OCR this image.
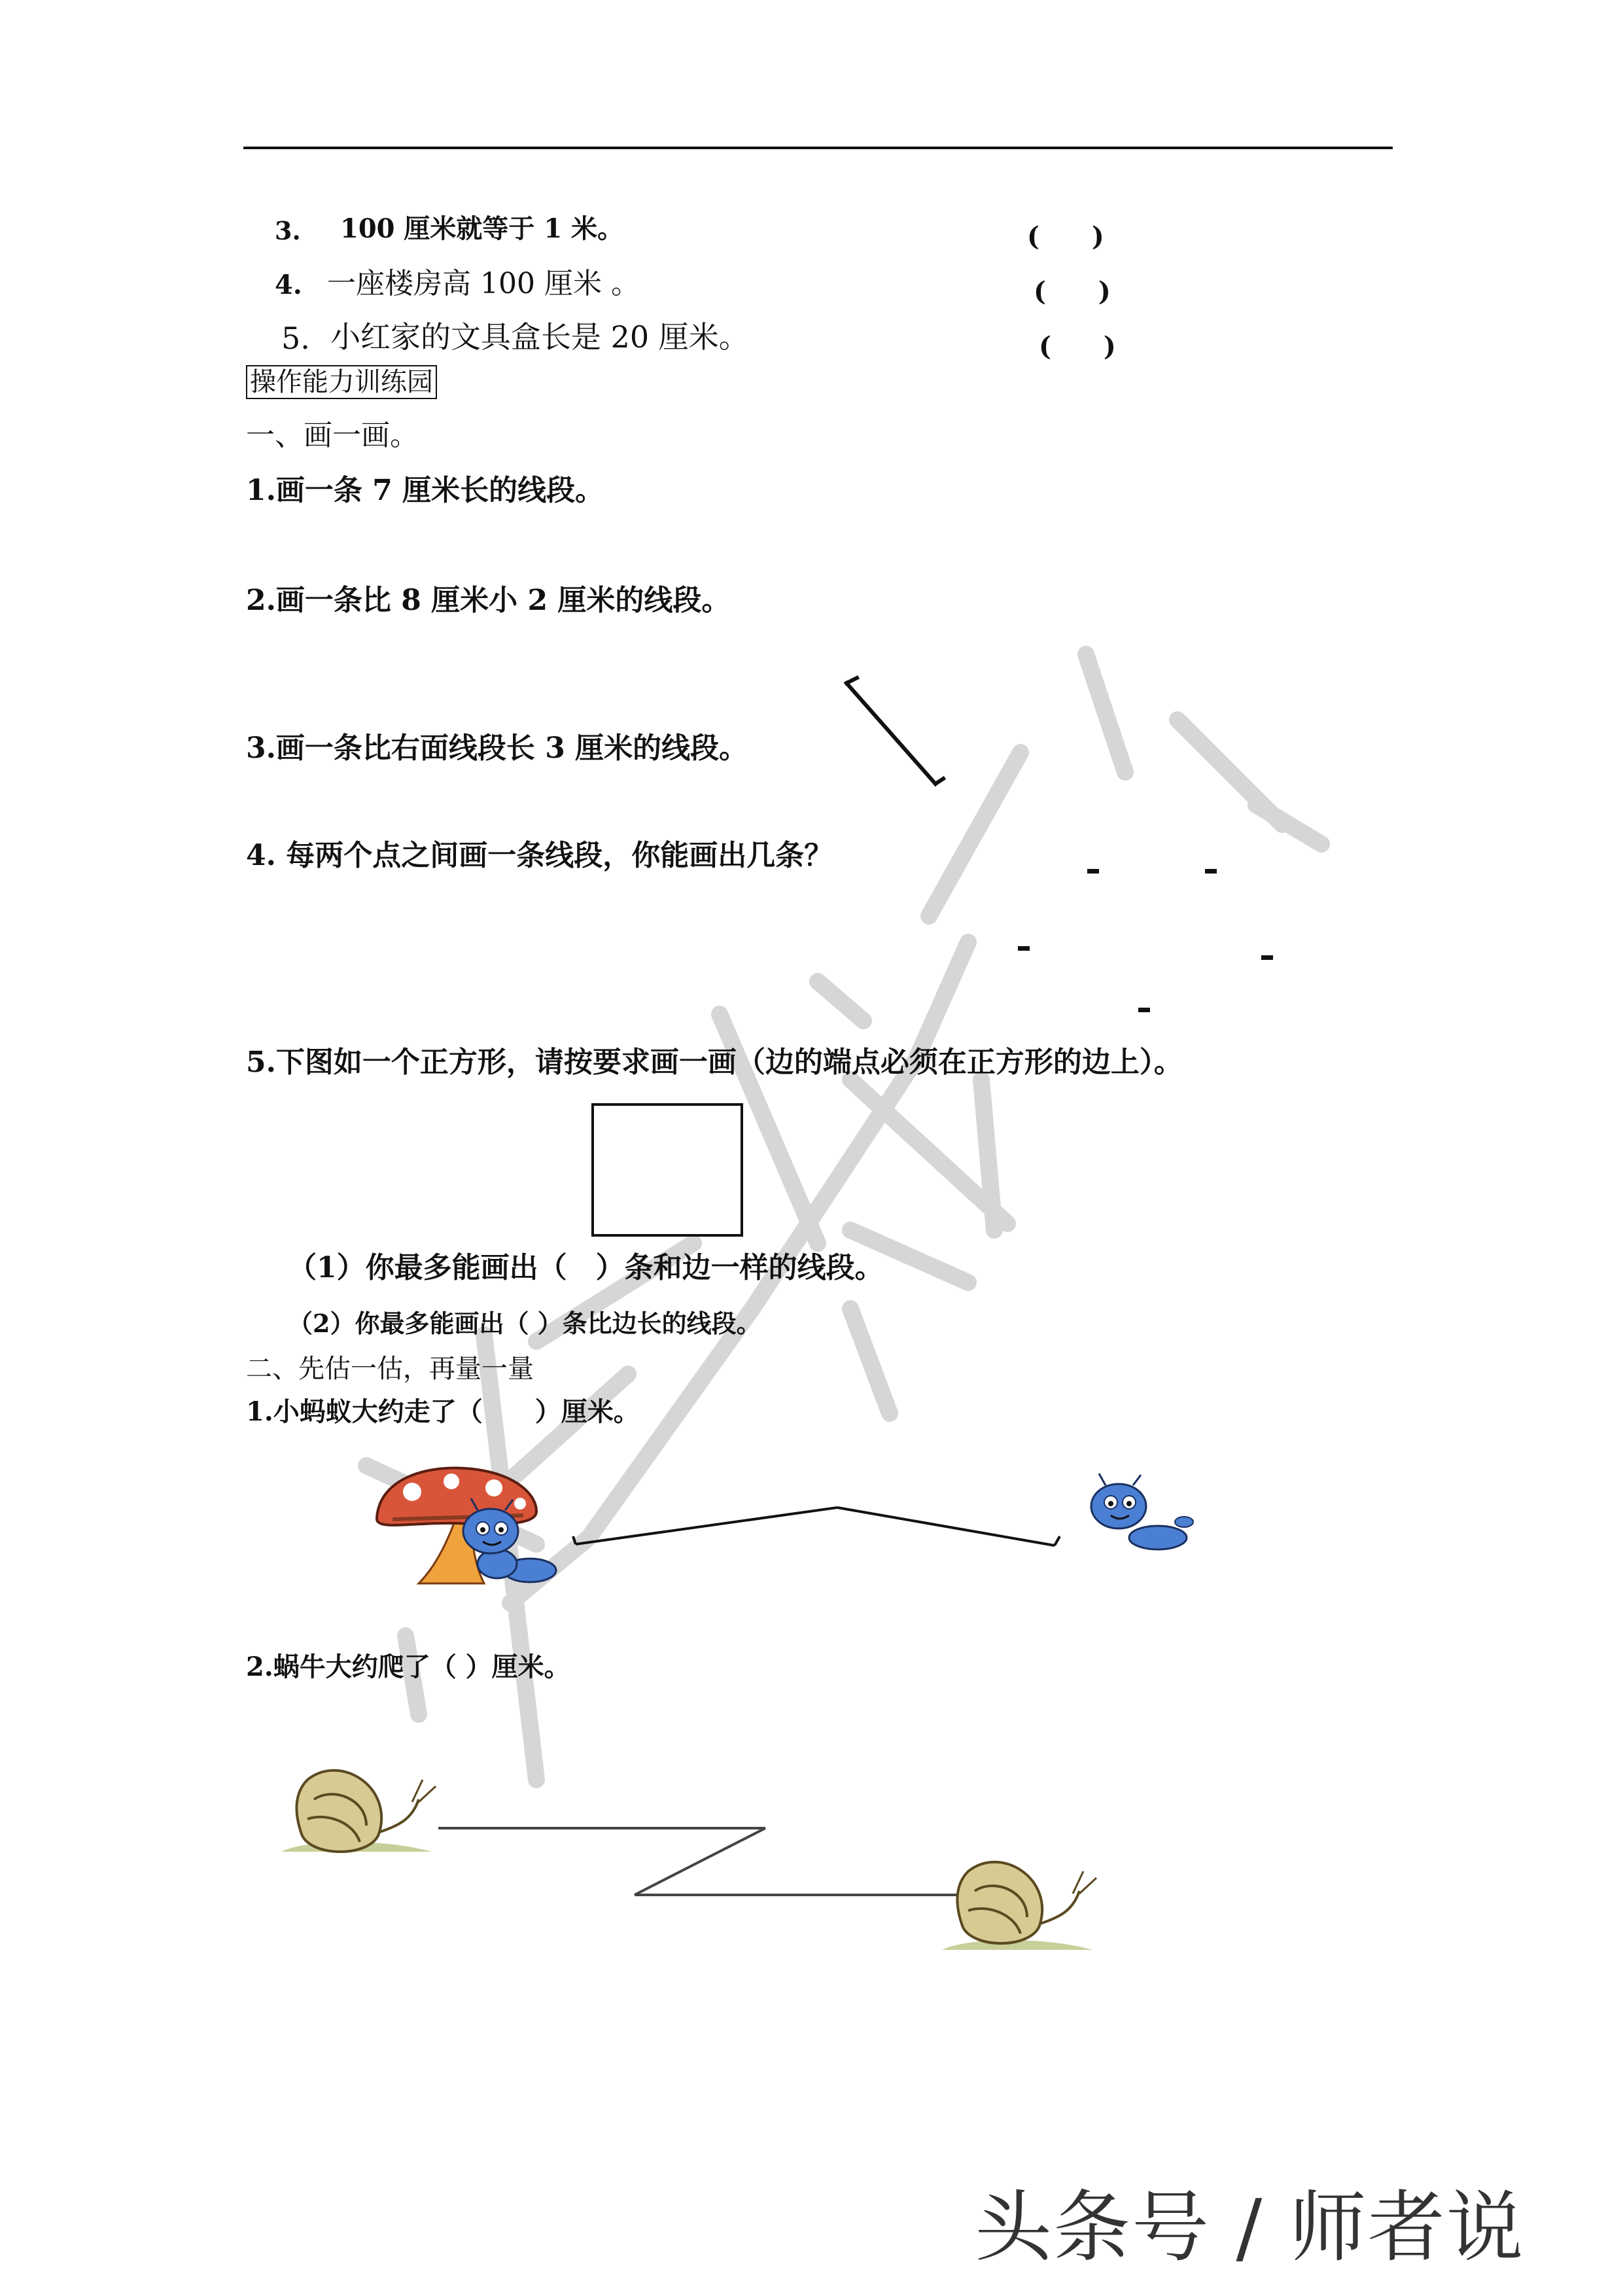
3. 100 厘米就等于 1 米。	(　　)
4. 一座楼房高 100 厘米 。	(　　)
5. 小红家的文具盒长是 20 厘米。	(　　)
操作能力训练园
一、画一画。
1.画一条 7 厘米长的线段。
2.画一条比 8 厘米小 2 厘米的线段。
3.画一条比右面线段长 3 厘米的线段。
4. 每两个点之间画一条线段，你能画出几条？
5.下图如一个正方形，请按要求画一画（边的端点必须在正方形的边上）。
（1）你最多能画出（　）条和边一样的线段。
（2）你最多能画出（ ）条比边长的线段。
二、先估一估，再量一量
1.小蚂蚁大约走了（　　）厘米。
2.蜗牛大约爬了（ ）厘米。
头条号 / 师者说
